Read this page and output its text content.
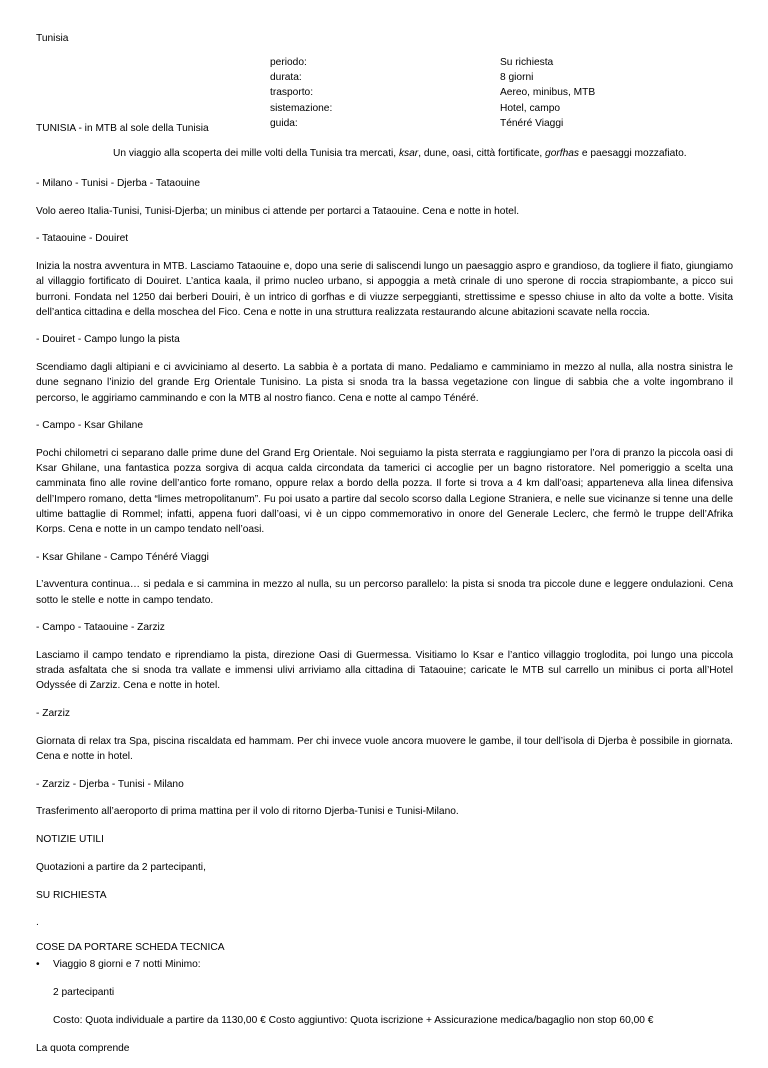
Tunisia
periodo:
durata:
trasporto:
sistemazione:
guida:
Su richiesta
8 giorni
Aereo, minibus, MTB
Hotel, campo
Ténéré Viaggi
TUNISIA - in MTB al sole della Tunisia
Un viaggio alla scoperta dei mille volti della Tunisia tra mercati, ksar, dune, oasi, città fortificate, gorfhas e paesaggi mozzafiato.

- Milano - Tunisi - Djerba - Tataouine

Volo aereo Italia-Tunisi, Tunisi-Djerba; un minibus ci attende per portarci a Tataouine. Cena e notte in hotel.

- Tataouine - Douiret

Inizia la nostra avventura in MTB. Lasciamo Tataouine e, dopo una serie di saliscendi lungo un paesaggio aspro e grandioso, da togliere il fiato, giungiamo al villaggio fortificato di Douiret. L’antica kaala, il primo nucleo urbano, si appoggia a metà crinale di uno sperone di roccia strapiombante, a picco sui burroni. Fondata nel 1250 dai berberi Douiri, è un intrico di gorfhas e di viuzze serpeggianti, strettissime e spesso chiuse in alto da volte a botte. Visita dell’antica cittadina e della moschea del Fico. Cena e notte in una struttura realizzata restaurando alcune abitazioni scavate nella roccia.

- Douiret - Campo lungo la pista

Scendiamo dagli altipiani e ci avviciniamo al deserto. La sabbia è a portata di mano. Pedaliamo e camminiamo in mezzo al nulla, alla nostra sinistra le dune segnano l’inizio del grande Erg Orientale Tunisino. La pista si snoda tra la bassa vegetazione con lingue di sabbia che a volte ingombrano il percorso, le aggiriamo camminando e con la MTB al nostro fianco. Cena e notte al campo Ténéré.

- Campo - Ksar Ghilane

Pochi chilometri ci separano dalle prime dune del Grand Erg Orientale. Noi seguiamo la pista sterrata e raggiungiamo per l’ora di pranzo la piccola oasi di Ksar Ghilane, una fantastica pozza sorgiva di acqua calda circondata da tamerici ci accoglie per un bagno ristoratore. Nel pomeriggio a scelta una camminata fino alle rovine dell’antico forte romano, oppure relax a bordo della pozza. Il forte si trova a 4 km dall’oasi; apparteneva alla linea difensiva dell’Impero romano, detta “limes metropolitanum”. Fu poi usato a partire dal secolo scorso dalla Legione Straniera, e nelle sue vicinanze si tenne una delle ultime battaglie di Rommel; infatti, appena fuori dall’oasi, vi è un cippo commemorativo in onore del Generale Leclerc, che fermò le truppe dell’Afrika Korps. Cena e notte in un campo tendato nell’oasi.

- Ksar Ghilane - Campo Ténéré Viaggi

L’avventura continua… si pedala e si cammina in mezzo al nulla, su un percorso parallelo: la pista si snoda tra piccole dune e leggere ondulazioni. Cena sotto le stelle e notte in campo tendato.

- Campo - Tataouine - Zarziz

Lasciamo il campo tendato e riprendiamo la pista, direzione Oasi di Guermessa. Visitiamo lo Ksar e l’antico villaggio troglodita, poi lungo una piccola strada asfaltata che si snoda tra vallate e immensi ulivi arriviamo alla cittadina di Tataouine; caricate le MTB sul carrello un minibus ci porta all’Hotel Odyssée di Zarziz. Cena e notte in hotel.

- Zarziz

Giornata di relax tra Spa, piscina riscaldata ed hammam. Per chi invece vuole ancora muovere le gambe, il tour dell’isola di Djerba è possibile in giornata. Cena e notte in hotel.

- Zarziz - Djerba - Tunisi - Milano

Trasferimento all’aeroporto di prima mattina per il volo di ritorno Djerba-Tunisi e Tunisi-Milano.

NOTIZIE UTILI

Quotazioni a partire da 2 partecipanti,

SU RICHIESTA

.

COSE DA PORTARE SCHEDA TECNICA

• Viaggio 8 giorni e 7 notti Minimo:

2 partecipanti

Costo: Quota individuale a partire da 1130,00 € Costo aggiuntivo: Quota iscrizione + Assicurazione medica/bagaglio non stop 60,00 €

La quota comprende
